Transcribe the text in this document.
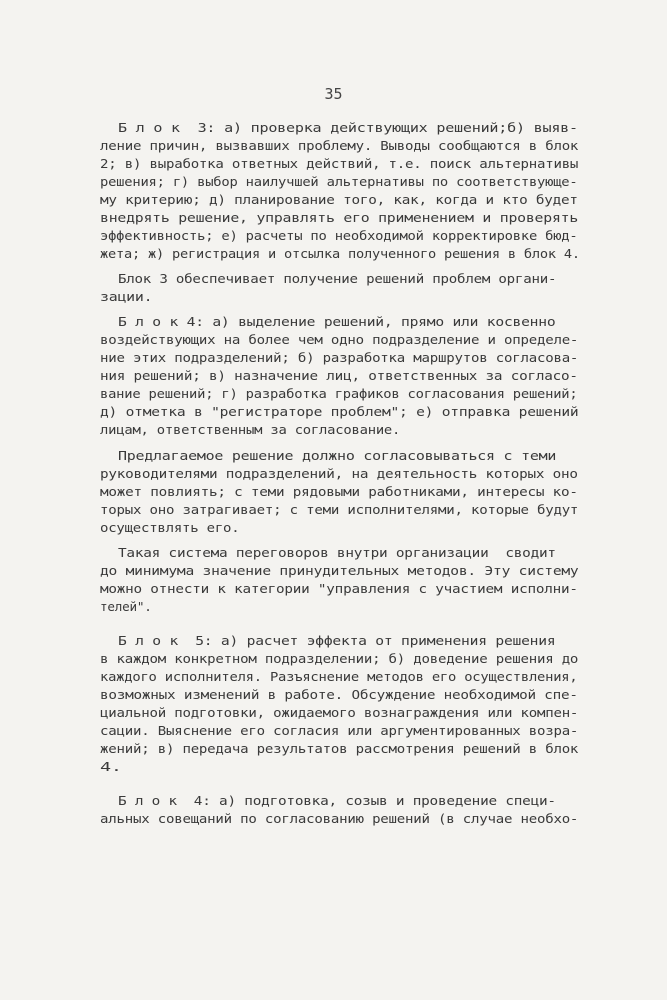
35
Б л о к  3: а) проверка действующих решений;б) выяв-
ление причин, вызвавших проблему. Выводы сообщаются в блок
2; в) выработка ответных действий, т.е. поиск альтернативы
решения; г) выбор наилучшей альтернативы по соответствующе-
му критерию; д) планирование того, как, когда и кто будет
внедрять решение, управлять его применением и проверять
эффективность; е) расчеты по необходимой корректировке бюд-
жета; ж) регистрация и отсылка полученного решения в блок 4.
Блок 3 обеспечивает получение решений проблем органи-
зации.
Б л о к 4: а) выделение решений, прямо или косвенно
воздействующих на более чем одно подразделение и определе-
ние этих подразделений; б) разработка маршрутов согласова-
ния решений; в) назначение лиц, ответственных за согласо-
вание решений; г) разработка графиков согласования решений;
д) отметка в "регистраторе проблем"; е) отправка решений
лицам, ответственным за согласование.
Предлагаемое решение должно согласовываться с теми
руководителями подразделений, на деятельность которых оно
может повлиять; с теми рядовыми работниками, интересы ко-
торых оно затрагивает; с теми исполнителями, которые будут
осуществлять его.
Такая система переговоров внутри организации  сводит
до минимума значение принудительных методов. Эту систему
можно отнести к категории "управления с участием исполни-
телей".
Б л о к  5: а) расчет эффекта от применения решения
в каждом конкретном подразделении; б) доведение решения до
каждого исполнителя. Разъяснение методов его осуществления,
возможных изменений в работе. Обсуждение необходимой спе-
циальной подготовки, ожидаемого вознаграждения или компен-
сации. Выяснение его согласия или аргументированных возра-
жений; в) передача результатов рассмотрения решений в блок
4.
Б л о к  4: а) подготовка, созыв и проведение специ-
альных совещаний по согласованию решений (в случае необхо-
